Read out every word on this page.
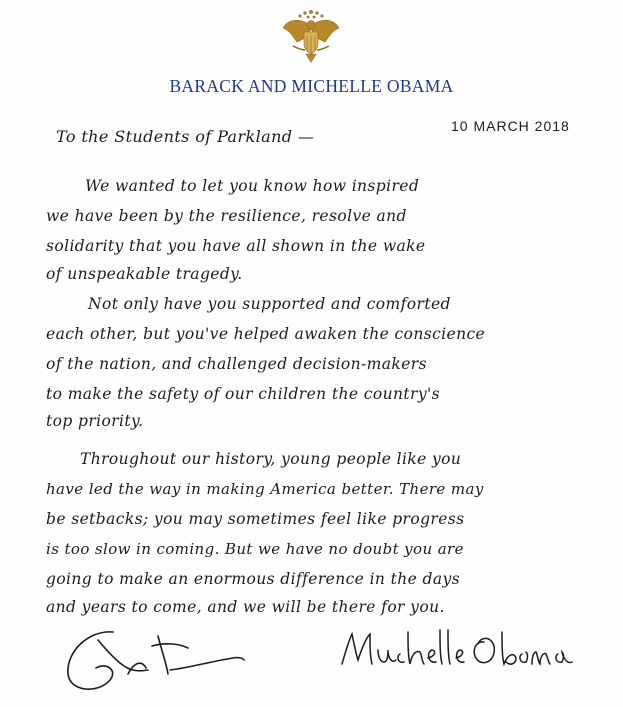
BARACK AND MICHELLE OBAMA
10 MARCH 2018
To the Students of Parkland —
We wanted to let you know how inspired
we have been by the resilience, resolve and
solidarity that you have all shown in the wake
of unspeakable tragedy.
Not only have you supported and comforted
each other, but you've helped awaken the conscience
of the nation, and challenged decision-makers
to make the safety of our children the country's
top priority.
Throughout our history, young people like you
have led the way in making America better. There may
be setbacks; you may sometimes feel like progress
is too slow in coming. But we have no doubt you are
going to make an enormous difference in the days
and years to come, and we will be there for you.
